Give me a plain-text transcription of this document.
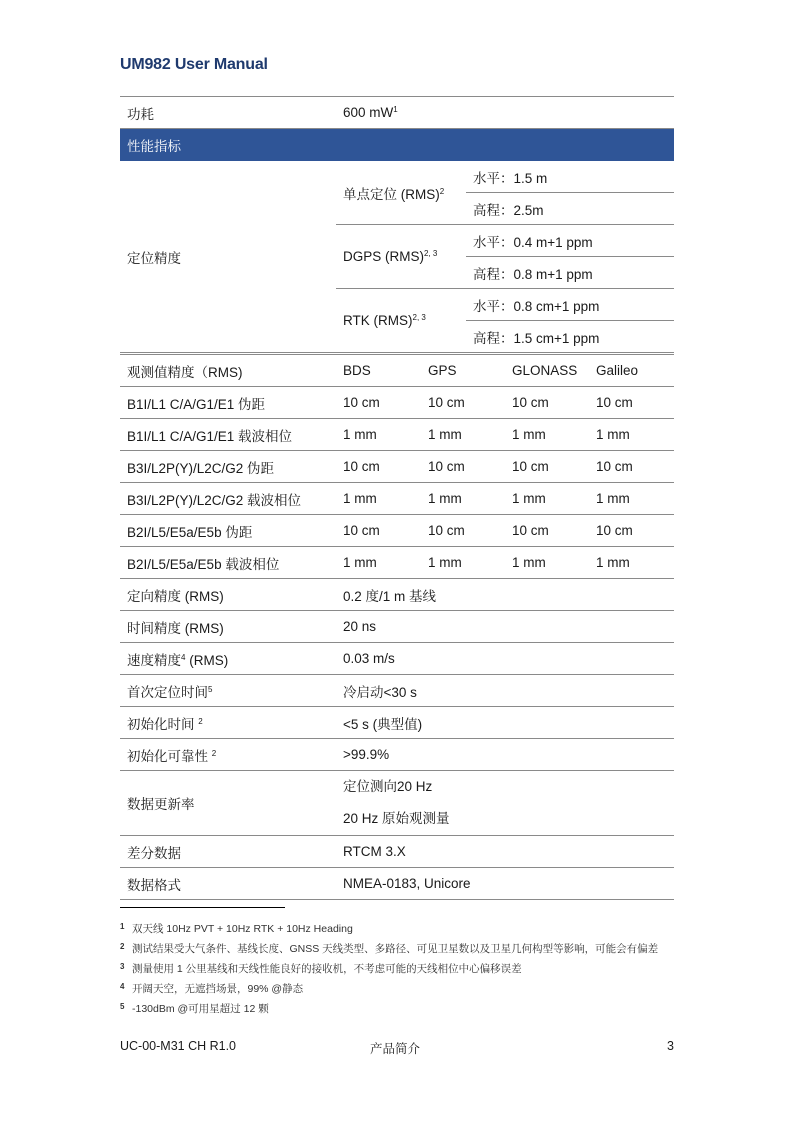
UM982 User Manual
功耗	600 $mW^1$
性能指标		
定位精度	单点定位 (RMS)$^2$	水平：1.5 m
		高程：2.5m
	DGPS (RMS)$^{2, 3}$	水平：0.4 m+1 ppm
		高程：0.8 m+1 ppm
	RTK (RMS)$^{2, 3}$	水平：0.8 cm+1 ppm
		高程：1.5 cm+1 ppm
观测值精度（RMS)	BDS	GPS	GLONASS	Galileo
B1I/L1 C/A/G1/E1 伪距	10 cm	10 cm	10 cm	10 cm
B1I/L1 C/A/G1/E1 载波相位	1 mm	1 mm	1 mm	1 mm
B3I/L2P(Y)/L2C/G2 伪距	10 cm	10 cm	10 cm	10 cm
B3I/L2P(Y)/L2C/G2 载波相位	1 mm	1 mm	1 mm	1 mm
B2I/L5/E5a/E5b 伪距	10 cm	10 cm	10 cm	10 cm
B2I/L5/E5a/E5b 载波相位	1 mm	1 mm	1 mm	1 mm
定向精度 (RMS)	0.2 度/1 m 基线			
时间精度 (RMS)	20 ns			
速度精度$^4$ (RMS)	0.03 m/s			
首次定位时间$^5$	冷启动<30 s			
初始化时间 $^2$	<5 s (典型值)			
初始化可靠性 $^2$	>99.9%			
数据更新率	定位测向20 Hz
20 Hz 原始观测量			

差分数据	RTCM 3.X			
数据格式	NMEA-0183, Unicore			
1 双天线 10Hz PVT + 10Hz RTK + 10Hz Heading
2 测试结果受大气条件、基线长度、GNSS 天线类型、多路径、可见卫星数以及卫星几何构型等影响，可能会有偏差
3 测量使用 1 公里基线和天线性能良好的接收机，不考虑可能的天线相位中心偏移误差
4 开阔天空，无遮挡场景，99% @静态
5 -130dBm @可用星超过 12 颗
UC-00-M31 CH R1.0	产品简介	3
